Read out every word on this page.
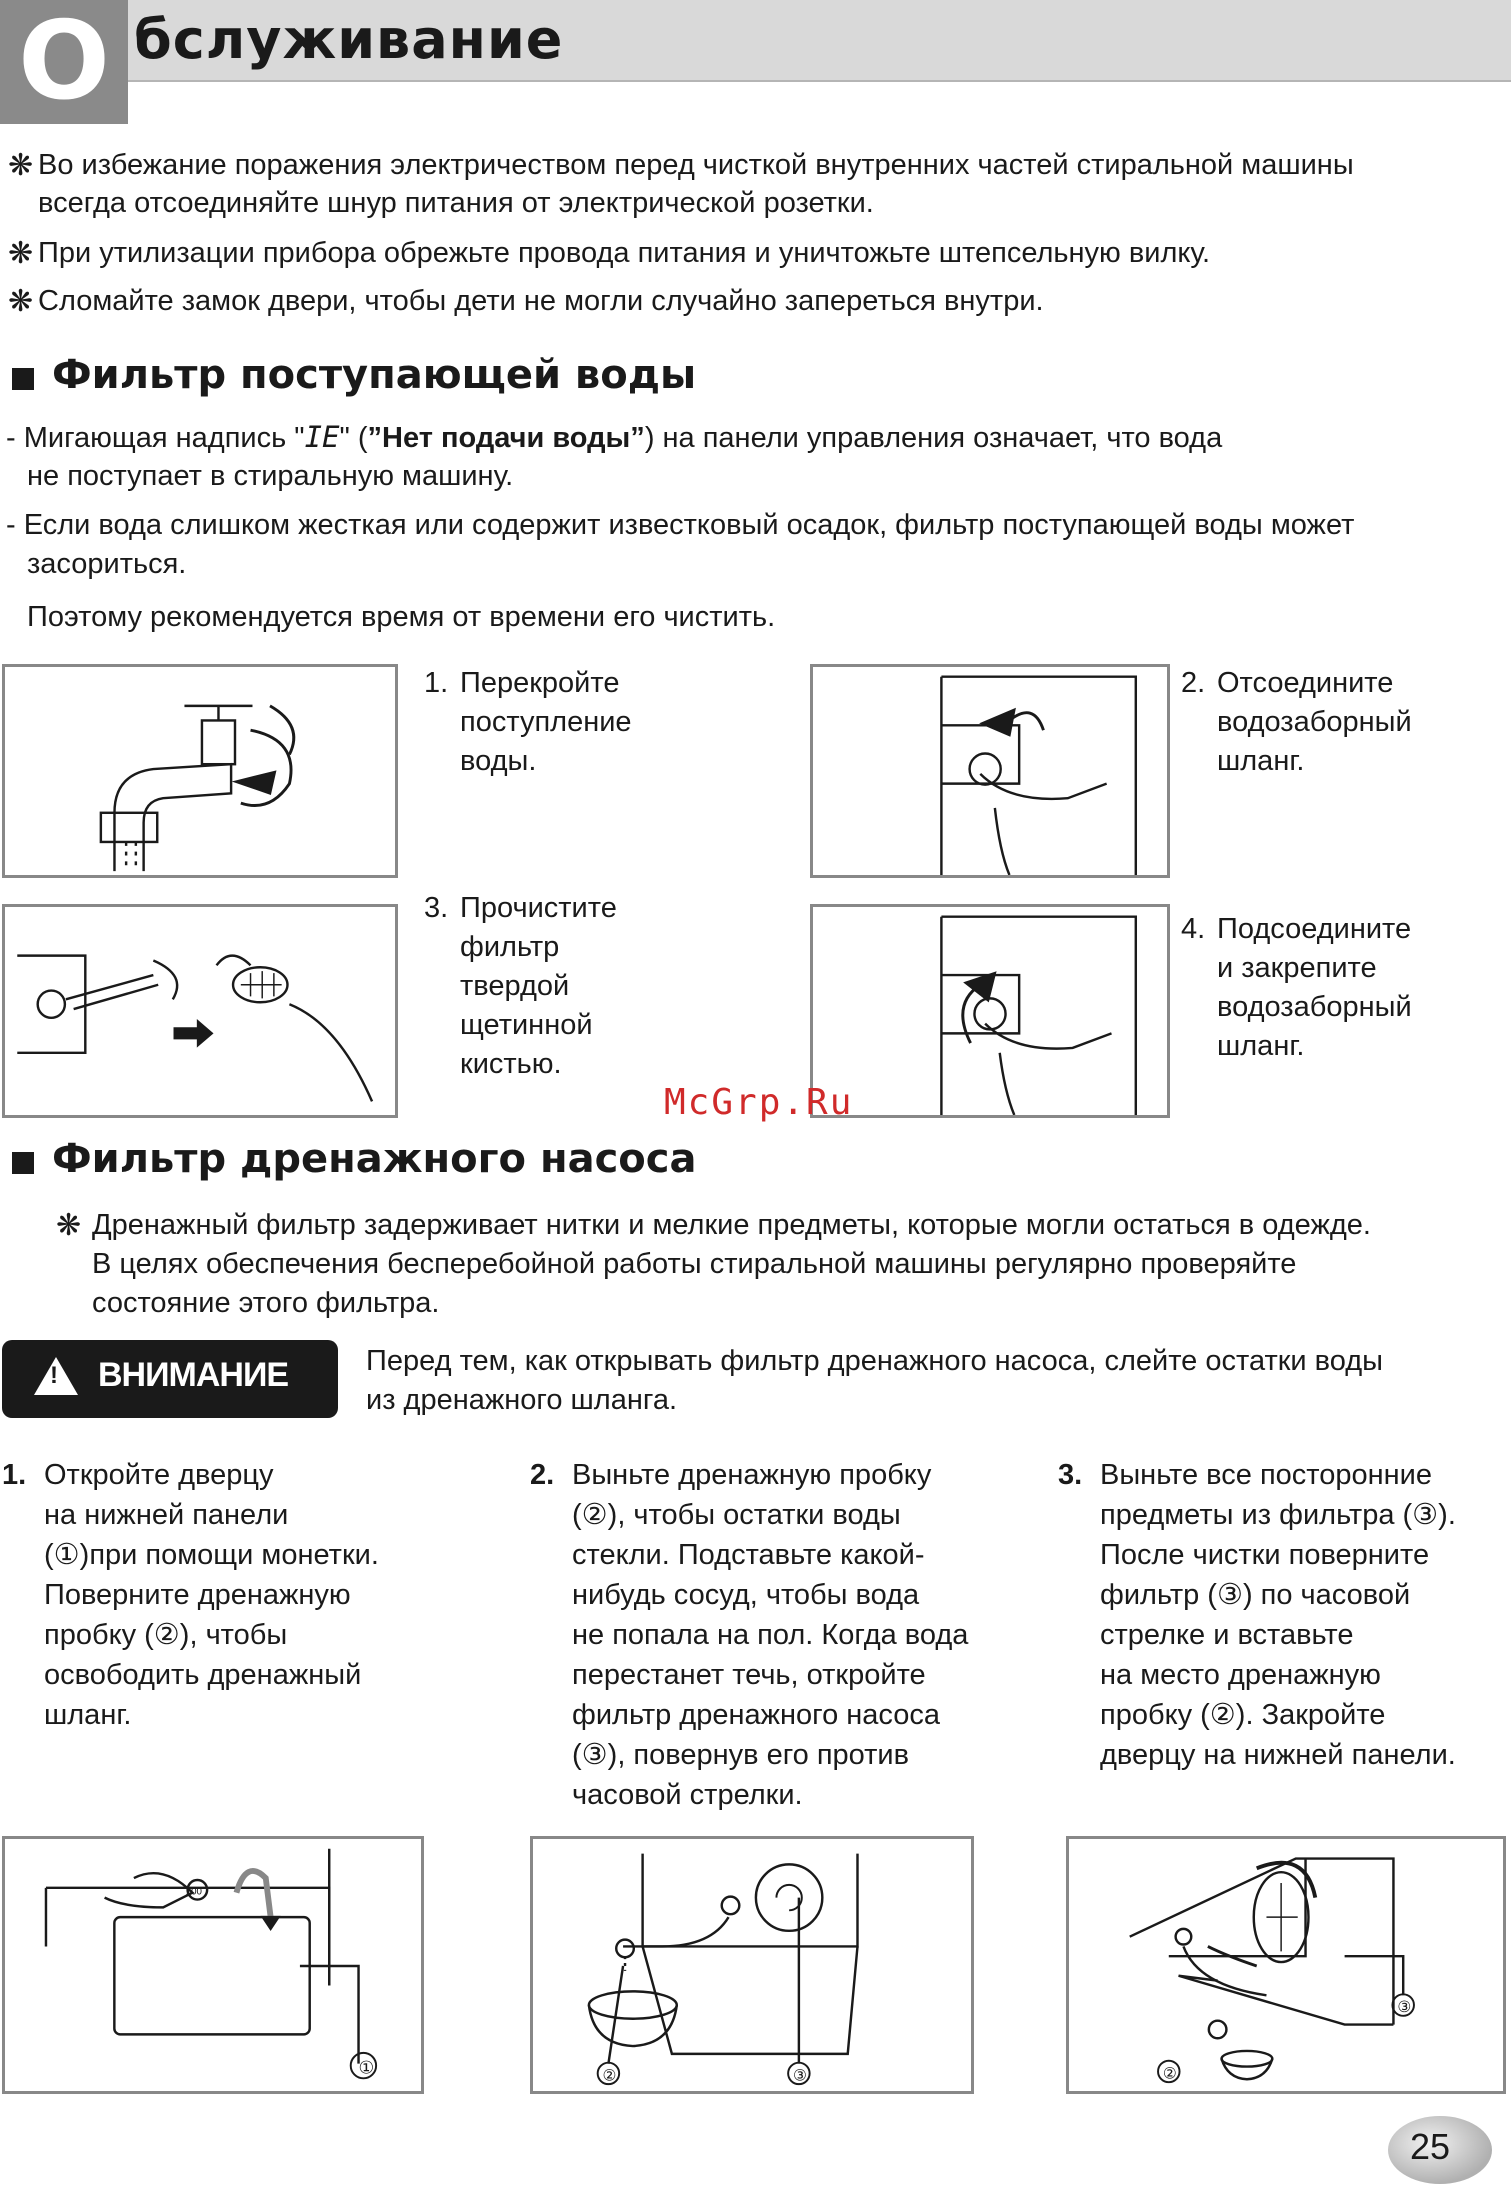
O бслуживание
❋ Во избежание поражения электричеством перед чисткой внутренних частей стиральной машины
всегда отсоединяйте шнур питания от электрической розетки.
❋ При утилизации прибора обрежьте провода питания и уничтожьте штепсельную вилку.
❋ Сломайте замок двери, чтобы дети не могли случайно запереться внутри.
Фильтр поступающей воды
- Мигающая надпись "IE" (”Нет подачи воды”) на панели управления означает, что вода
не поступает в стиральную машину.
- Если вода слишком жесткая или содержит известковый осадок, фильтр поступающей воды может
засориться.
Поэтому рекомендуется время от времени его чистить.
1. Перекройте
поступление
воды.
2. Отсоедините
водозаборный
шланг.
3. Прочистите
фильтр
твердой
щетинной
кистью.
4. Подсоедините
и закрепите
водозаборный
шланг.
McGrp.Ru
Фильтр дренажного насоса
❋ Дренажный фильтр задерживает нитки и мелкие предметы, которые могли остаться в одежде.
В целях обеспечения бесперебойной работы стиральной машины регулярно проверяйте
состояние этого фильтра.
! ВНИМАНИЕ	Перед тем, как открывать фильтр дренажного насоса, слейте остатки воды
из дренажного шланга.
1. Откройте дверцу
на нижней панели
(①)при помощи монетки.
Поверните дренажную
пробку (②), чтобы
освободить дренажный
шланг.
2. Выньте дренажную пробку
(②), чтобы остатки воды
стекли. Подставьте какой-
нибудь сосуд, чтобы вода
не попала на пол. Когда вода
перестанет течь, откройте
фильтр дренажного насоса
(③), повернув его против
часовой стрелки.
3. Выньте все посторонние
предметы из фильтра (③).
После чистки поверните
фильтр (③) по часовой
стрелке и вставьте
на место дренажную
пробку (②). Закройте
дверцу на нижней панели.
①
100
②	③
③
②
25
